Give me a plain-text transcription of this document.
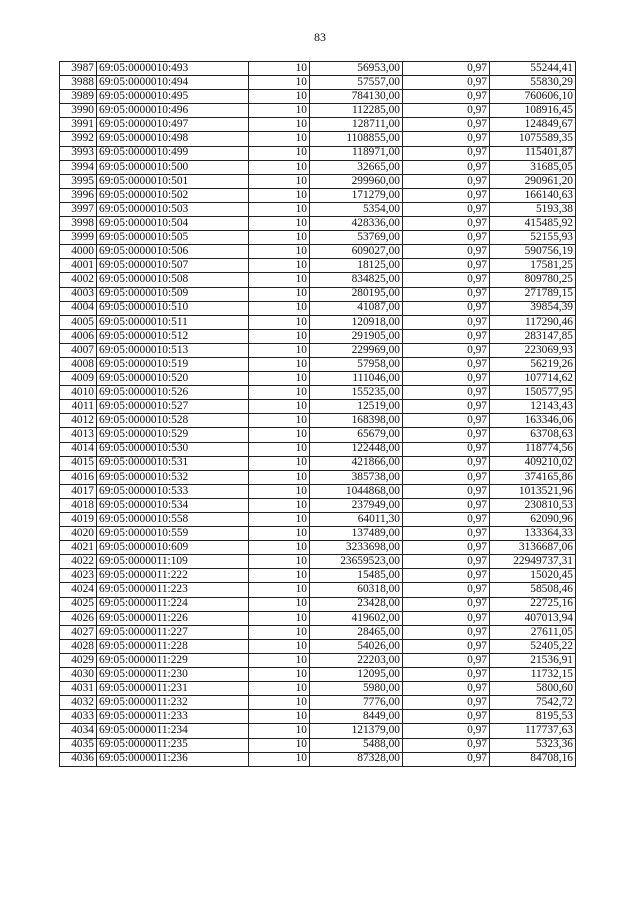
83
3987	69:05:0000010:493	10	56953,00	0,97	55244,41
3988	69:05:0000010:494	10	57557,00	0,97	55830,29
3989	69:05:0000010:495	10	784130,00	0,97	760606,10
3990	69:05:0000010:496	10	112285,00	0,97	108916,45
3991	69:05:0000010:497	10	128711,00	0,97	124849,67
3992	69:05:0000010:498	10	1108855,00	0,97	1075589,35
3993	69:05:0000010:499	10	118971,00	0,97	115401,87
3994	69:05:0000010:500	10	32665,00	0,97	31685,05
3995	69:05:0000010:501	10	299960,00	0,97	290961,20
3996	69:05:0000010:502	10	171279,00	0,97	166140,63
3997	69:05:0000010:503	10	5354,00	0,97	5193,38
3998	69:05:0000010:504	10	428336,00	0,97	415485,92
3999	69:05:0000010:505	10	53769,00	0,97	52155,93
4000	69:05:0000010:506	10	609027,00	0,97	590756,19
4001	69:05:0000010:507	10	18125,00	0,97	17581,25
4002	69:05:0000010:508	10	834825,00	0,97	809780,25
4003	69:05:0000010:509	10	280195,00	0,97	271789,15
4004	69:05:0000010:510	10	41087,00	0,97	39854,39
4005	69:05:0000010:511	10	120918,00	0,97	117290,46
4006	69:05:0000010:512	10	291905,00	0,97	283147,85
4007	69:05:0000010:513	10	229969,00	0,97	223069,93
4008	69:05:0000010:519	10	57958,00	0,97	56219,26
4009	69:05:0000010:520	10	111046,00	0,97	107714,62
4010	69:05:0000010:526	10	155235,00	0,97	150577,95
4011	69:05:0000010:527	10	12519,00	0,97	12143,43
4012	69:05:0000010:528	10	168398,00	0,97	163346,06
4013	69:05:0000010:529	10	65679,00	0,97	63708,63
4014	69:05:0000010:530	10	122448,00	0,97	118774,56
4015	69:05:0000010:531	10	421866,00	0,97	409210,02
4016	69:05:0000010:532	10	385738,00	0,97	374165,86
4017	69:05:0000010:533	10	1044868,00	0,97	1013521,96
4018	69:05:0000010:534	10	237949,00	0,97	230810,53
4019	69:05:0000010:558	10	64011,30	0,97	62090,96
4020	69:05:0000010:559	10	137489,00	0,97	133364,33
4021	69:05:0000010:609	10	3233698,00	0,97	3136687,06
4022	69:05:0000011:109	10	23659523,00	0,97	22949737,31
4023	69:05:0000011:222	10	15485,00	0,97	15020,45
4024	69:05:0000011:223	10	60318,00	0,97	58508,46
4025	69:05:0000011:224	10	23428,00	0,97	22725,16
4026	69:05:0000011:226	10	419602,00	0,97	407013,94
4027	69:05:0000011:227	10	28465,00	0,97	27611,05
4028	69:05:0000011:228	10	54026,00	0,97	52405,22
4029	69:05:0000011:229	10	22203,00	0,97	21536,91
4030	69:05:0000011:230	10	12095,00	0,97	11732,15
4031	69:05:0000011:231	10	5980,00	0,97	5800,60
4032	69:05:0000011:232	10	7776,00	0,97	7542,72
4033	69:05:0000011:233	10	8449,00	0,97	8195,53
4034	69:05:0000011:234	10	121379,00	0,97	117737,63
4035	69:05:0000011:235	10	5488,00	0,97	5323,36
4036	69:05:0000011:236	10	87328,00	0,97	84708,16
